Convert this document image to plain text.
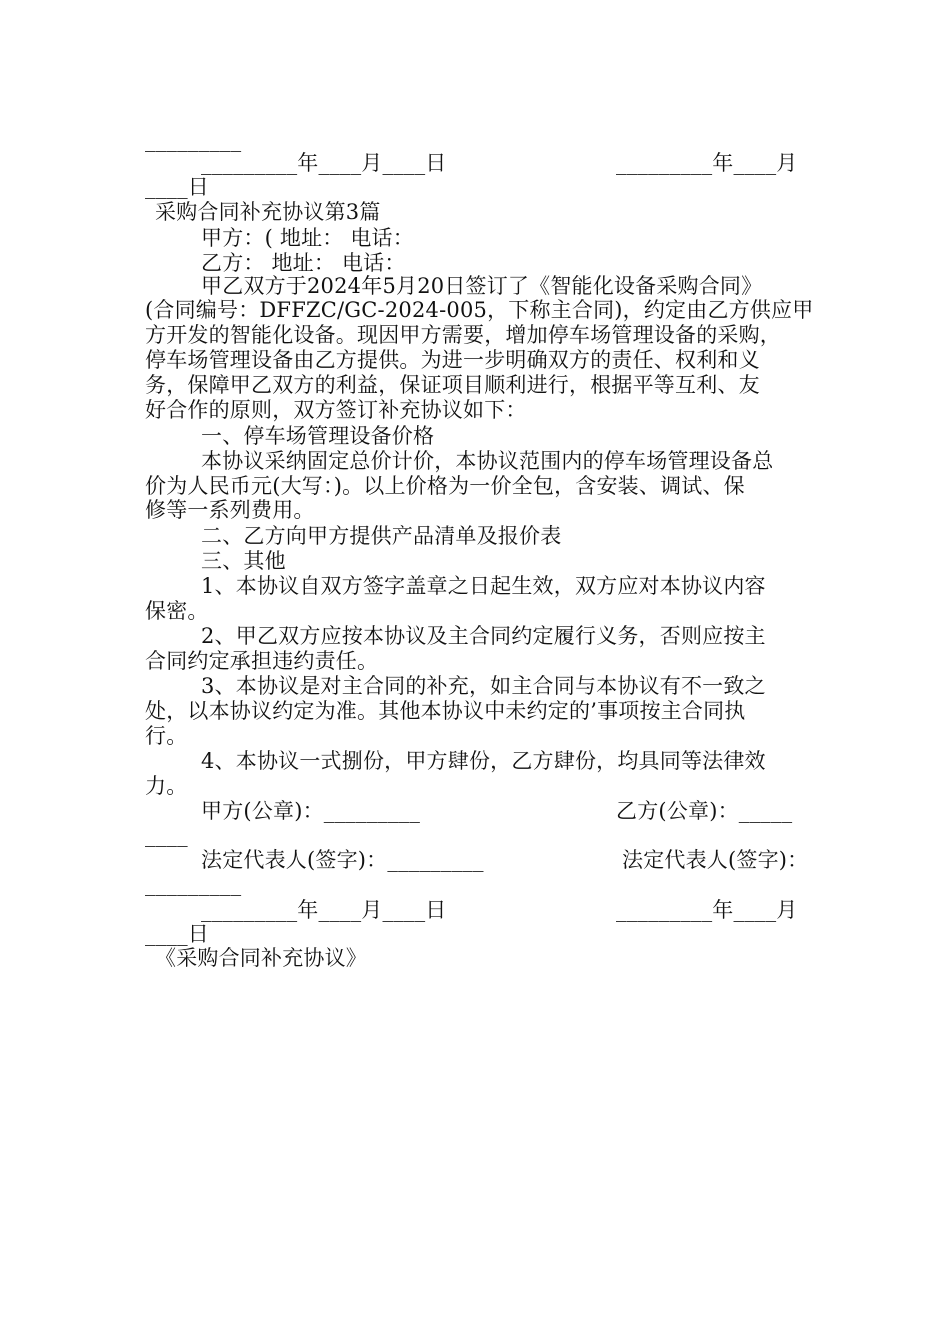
_________
_________年____月____日	_________年____月
____日
采购合同补充协议第3篇
甲方：( 地址： 电话：
乙方： 地址： 电话：
甲乙双方于2024年5月20日签订了《智能化设备采购合同》
(合同编号：DFFZC/GC-2024-005，下称主合同)，约定由乙方供应甲
方开发的智能化设备。现因甲方需要，增加停车场管理设备的采购，
停车场管理设备由乙方提供。为进一步明确双方的责任、权利和义
务，保障甲乙双方的利益，保证项目顺利进行，根据平等互利、友
好合作的原则，双方签订补充协议如下：
一、停车场管理设备价格
本协议采纳固定总价计价，本协议范围内的停车场管理设备总
价为人民币元(大写：)。以上价格为一价全包，含安装、调试、保
修等一系列费用。
二、乙方向甲方提供产品清单及报价表
三、其他
1、本协议自双方签字盖章之日起生效，双方应对本协议内容
保密。
2、甲乙双方应按本协议及主合同约定履行义务，否则应按主
合同约定承担违约责任。
3、本协议是对主合同的补充，如主合同与本协议有不一致之
处，以本协议约定为准。其他本协议中未约定的’事项按主合同执
行。
4、本协议一式捌份，甲方肆份，乙方肆份，均具同等法律效
力。
甲方(公章)：_________	乙方(公章)：_____
____
法定代表人(签字)：_________	法定代表人(签字)：
_________
_________年____月____日	_________年____月
____日
《采购合同补充协议》
